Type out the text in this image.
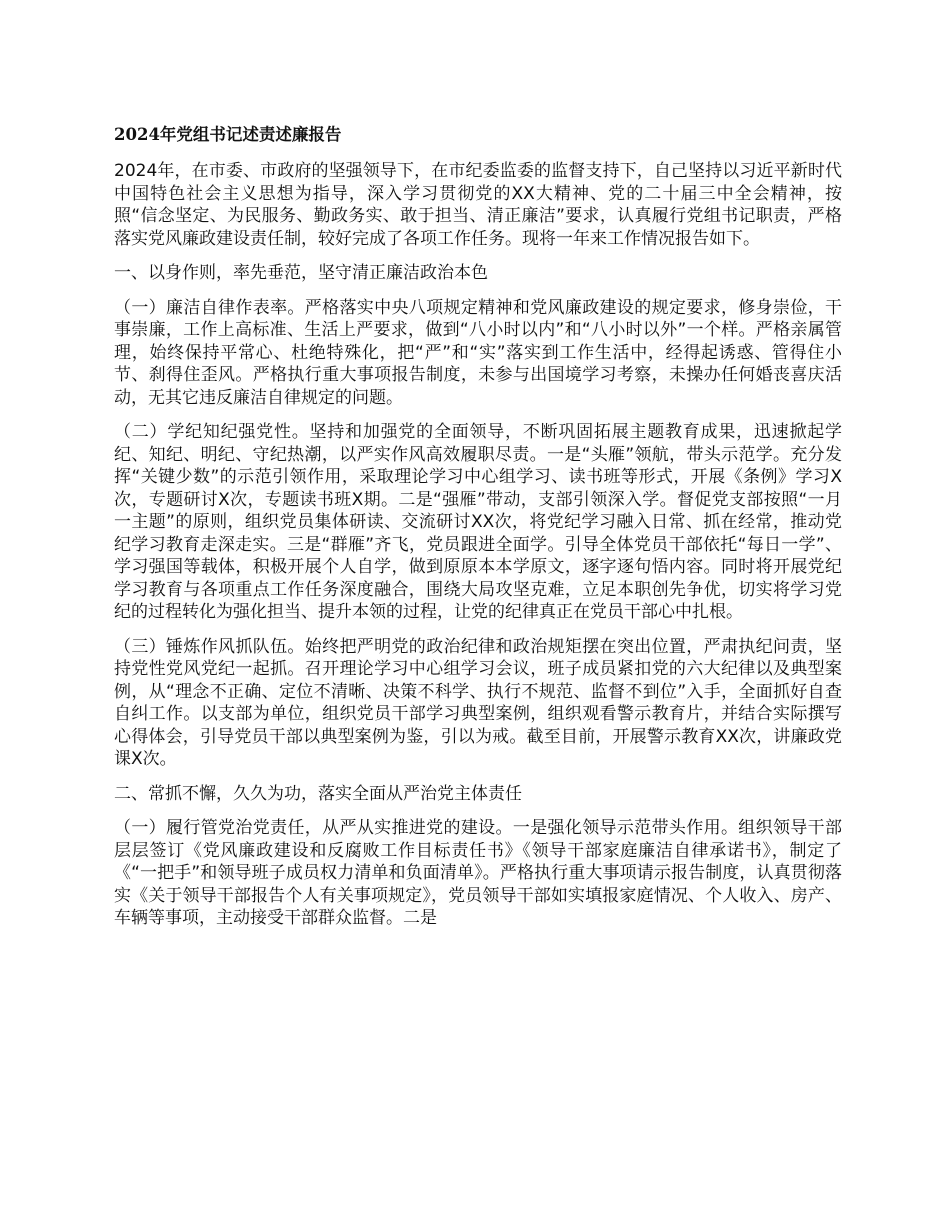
2024年党组书记述责述廉报告

2024年，在市委、市政府的坚强领导下，在市纪委监委的监督支持下，自己坚持以习近平新时代中国特色社会主义思想为指导，深入学习贯彻党的XX大精神、党的二十届三中全会精神，按照“信念坚定、为民服务、勤政务实、敢于担当、清正廉洁”要求，认真履行党组书记职责，严格落实党风廉政建设责任制，较好完成了各项工作任务。现将一年来工作情况报告如下。

一、以身作则，率先垂范，坚守清正廉洁政治本色

（一）廉洁自律作表率。严格落实中央八项规定精神和党风廉政建设的规定要求，修身崇俭，干事崇廉，工作上高标准、生活上严要求，做到“八小时以内”和“八小时以外”一个样。严格亲属管理，始终保持平常心、杜绝特殊化，把“严”和“实”落实到工作生活中，经得起诱惑、管得住小节、刹得住歪风。严格执行重大事项报告制度，未参与出国境学习考察，未操办任何婚丧喜庆活动，无其它违反廉洁自律规定的问题。

（二）学纪知纪强党性。坚持和加强党的全面领导，不断巩固拓展主题教育成果，迅速掀起学纪、知纪、明纪、守纪热潮，以严实作风高效履职尽责。一是“头雁”领航，带头示范学。充分发挥“关键少数”的示范引领作用，采取理论学习中心组学习、读书班等形式，开展《条例》学习X次，专题研讨X次，专题读书班X期。二是“强雁”带动，支部引领深入学。督促党支部按照“一月一主题”的原则，组织党员集体研读、交流研讨XX次，将党纪学习融入日常、抓在经常，推动党纪学习教育走深走实。三是“群雁”齐飞，党员跟进全面学。引导全体党员干部依托“每日一学”、学习强国等载体，积极开展个人自学，做到原原本本学原文，逐字逐句悟内容。同时将开展党纪学习教育与各项重点工作任务深度融合，围绕大局攻坚克难，立足本职创先争优，切实将学习党纪的过程转化为强化担当、提升本领的过程，让党的纪律真正在党员干部心中扎根。

（三）锤炼作风抓队伍。始终把严明党的政治纪律和政治规矩摆在突出位置，严肃执纪问责，坚持党性党风党纪一起抓。召开理论学习中心组学习会议，班子成员紧扣党的六大纪律以及典型案例，从“理念不正确、定位不清晰、决策不科学、执行不规范、监督不到位”入手，全面抓好自查自纠工作。以支部为单位，组织党员干部学习典型案例，组织观看警示教育片，并结合实际撰写心得体会，引导党员干部以典型案例为鉴，引以为戒。截至目前，开展警示教育XX次，讲廉政党课X次。

二、常抓不懈，久久为功，落实全面从严治党主体责任

（一）履行管党治党责任，从严从实推进党的建设。一是强化领导示范带头作用。组织领导干部层层签订《党风廉政建设和反腐败工作目标责任书》《领导干部家庭廉洁自律承诺书》，制定了《“一把手”和领导班子成员权力清单和负面清单》。严格执行重大事项请示报告制度，认真贯彻落实《关于领导干部报告个人有关事项规定》，党员领导干部如实填报家庭情况、个人收入、房产、车辆等事项，主动接受干部群众监督。二是
